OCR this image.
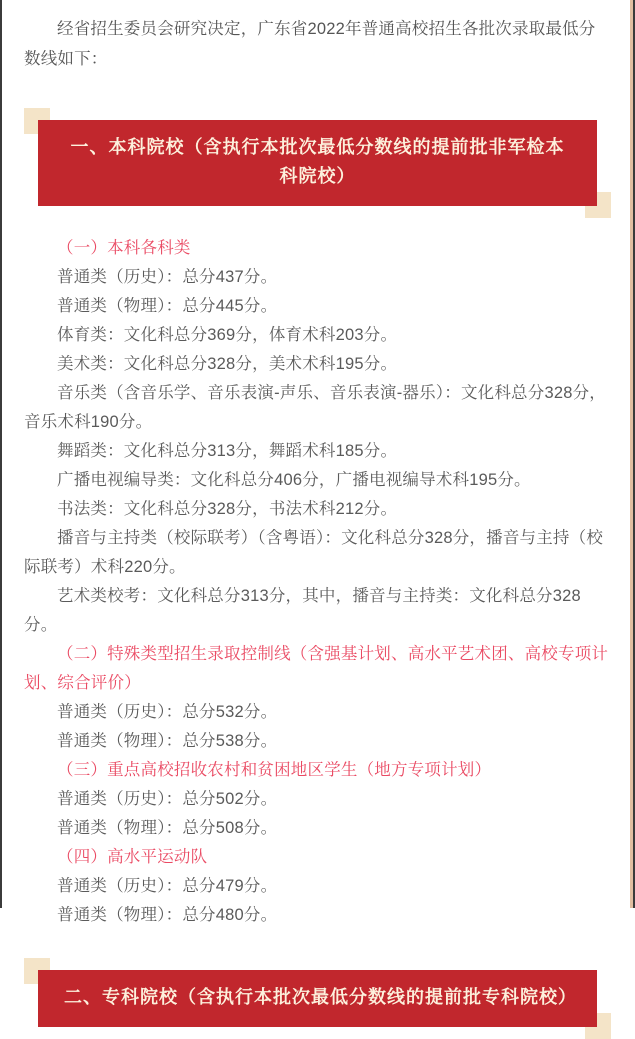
经省招生委员会研究决定，广东省2022年普通高校招生各批次录取最低分数线如下：

一、本科院校（含执行本批次最低分数线的提前批非军检本科院校）

（一）本科各科类

普通类（历史）：总分437分。

普通类（物理）：总分445分。

体育类：文化科总分369分，体育术科203分。

美术类：文化科总分328分，美术术科195分。

音乐类（含音乐学、音乐表演-声乐、音乐表演-器乐）：文化科总分328分，音乐术科190分。

舞蹈类：文化科总分313分，舞蹈术科185分。

广播电视编导类：文化科总分406分，广播电视编导术科195分。

书法类：文化科总分328分，书法术科212分。

播音与主持类（校际联考）（含粤语）：文化科总分328分，播音与主持（校际联考）术科220分。

艺术类校考：文化科总分313分，其中，播音与主持类：文化科总分328分。

（二）特殊类型招生录取控制线（含强基计划、高水平艺术团、高校专项计划、综合评价）

普通类（历史）：总分532分。

普通类（物理）：总分538分。

（三）重点高校招收农村和贫困地区学生（地方专项计划）

普通类（历史）：总分502分。

普通类（物理）：总分508分。

（四）高水平运动队

普通类（历史）：总分479分。

普通类（物理）：总分480分。

二、专科院校（含执行本批次最低分数线的提前批专科院校）
